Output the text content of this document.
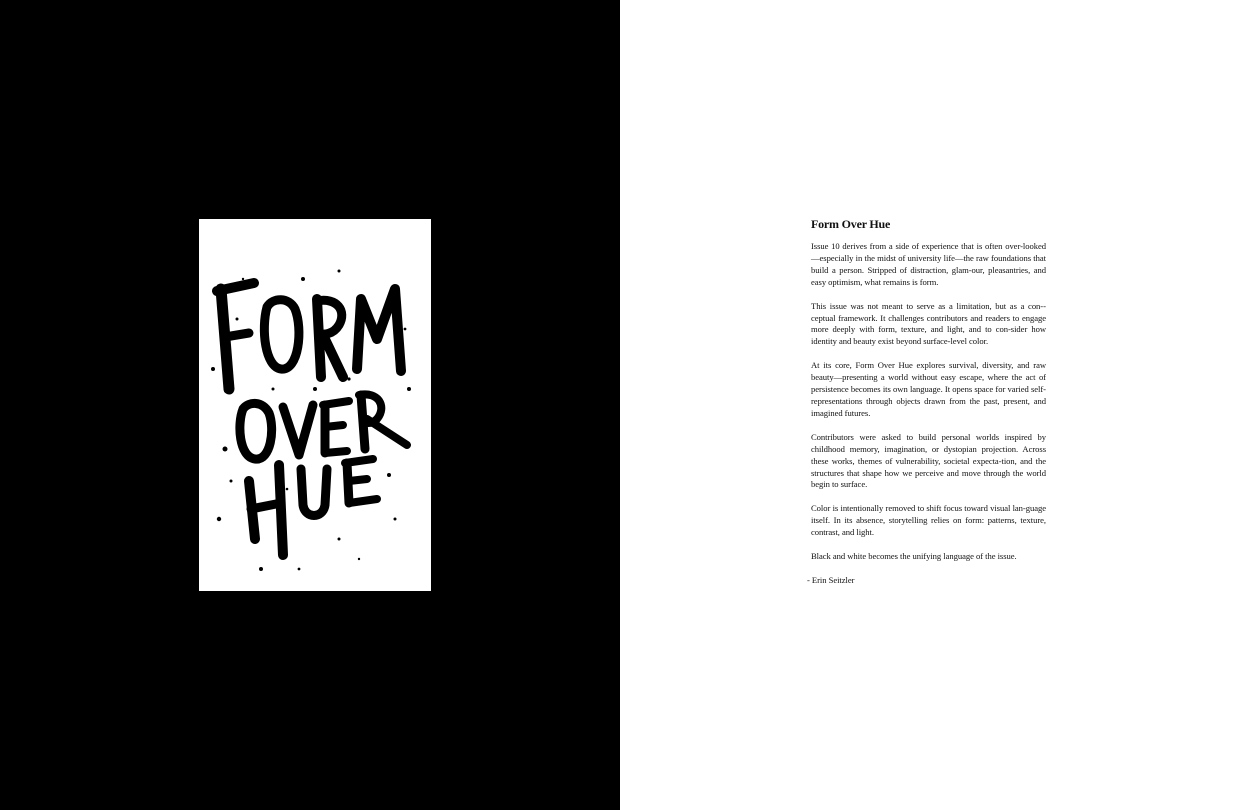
Form Over Hue

Issue 10 derives from a side of experience that is often over-looked—especially in the midst of university life—the raw foundations that build a person. Stripped of distraction, glam-our, pleasantries, and easy optimism, what remains is form.

This issue was not meant to serve as a limitation, but as a con-ceptual framework. It challenges contributors and readers to engage more deeply with form, texture, and light, and to con-sider how identity and beauty exist beyond surface-level color.

At its core, Form Over Hue explores survival, diversity, and raw beauty—presenting a world without easy escape, where the act of persistence becomes its own language. It opens space for varied self-representations through objects drawn from the past, present, and imagined futures.

Contributors were asked to build personal worlds inspired by childhood memory, imagination, or dystopian projection. Across these works, themes of vulnerability, societal expecta-tion, and the structures that shape how we perceive and move through the world begin to surface.

Color is intentionally removed to shift focus toward visual lan-guage itself. In its absence, storytelling relies on form: patterns, texture, contrast, and light.

Black and white becomes the unifying language of the issue.

- Erin Seitzler
